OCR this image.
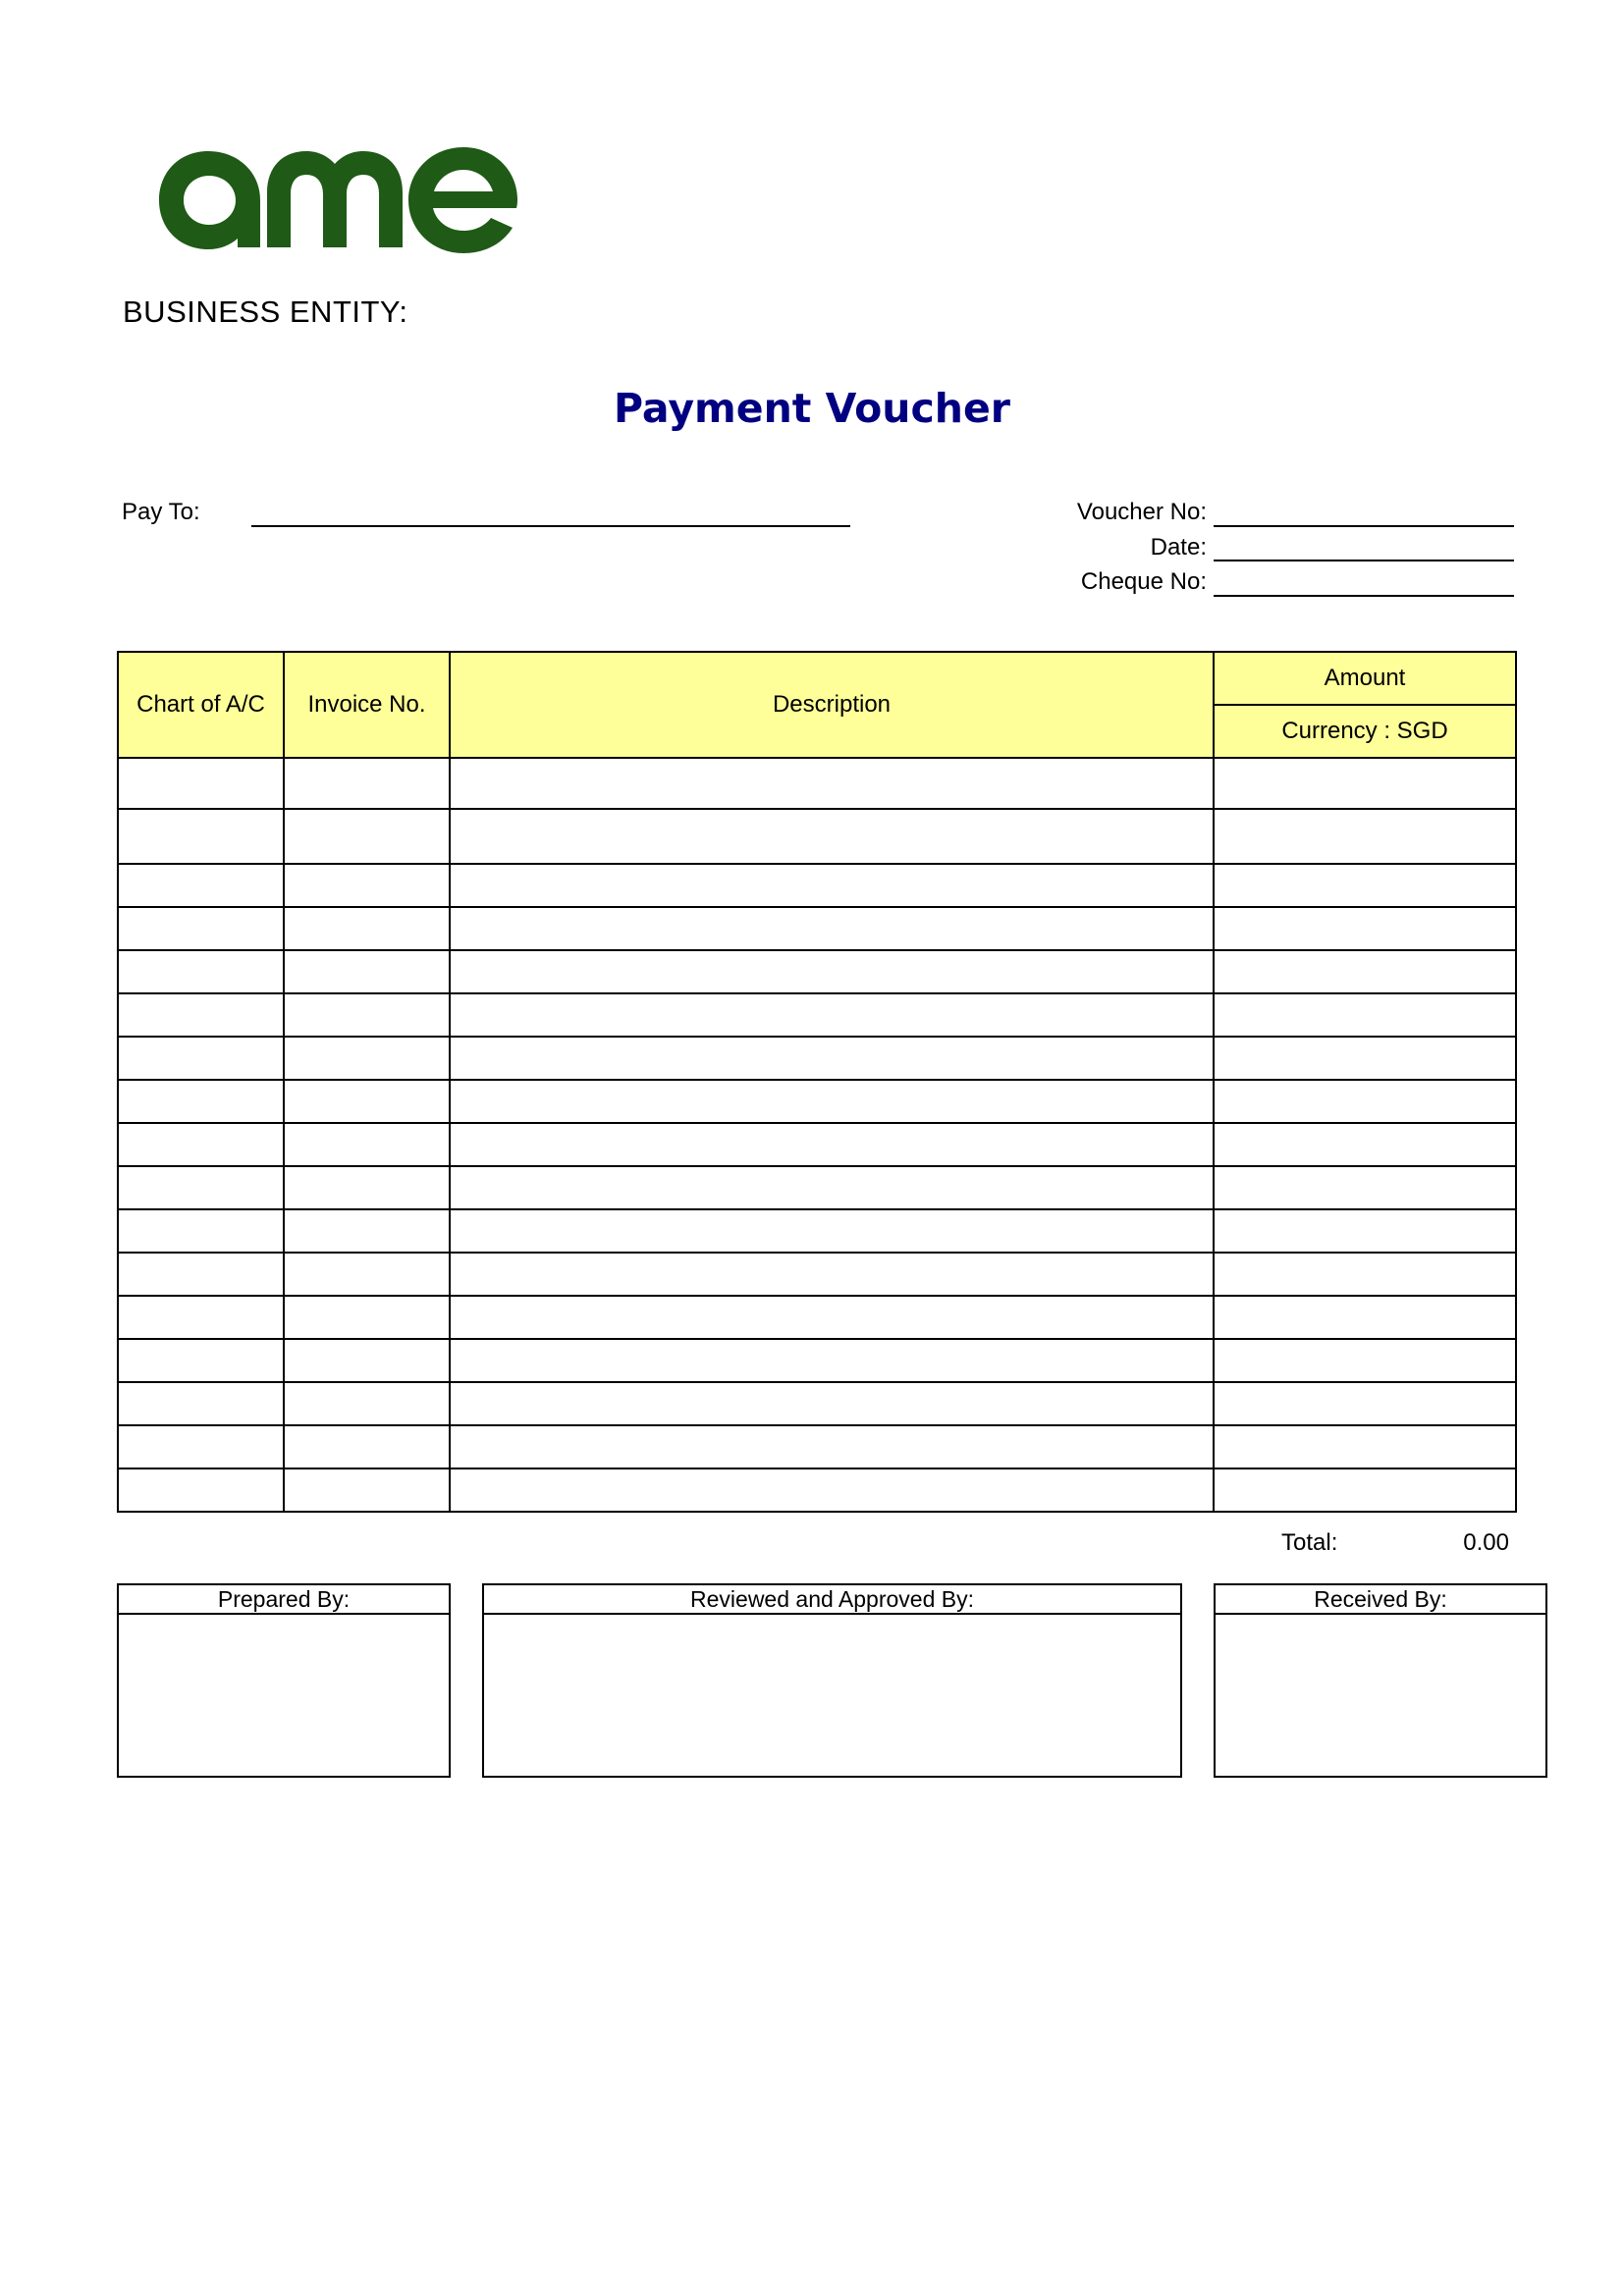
BUSINESS ENTITY:
Payment Voucher
Pay To:	Voucher No:
Date:
Cheque No:
Chart of A/C	Invoice No.	Description	Amount
			Currency : SGD

Total:	0.00
Prepared By:	Reviewed and Approved By:	Received By:
